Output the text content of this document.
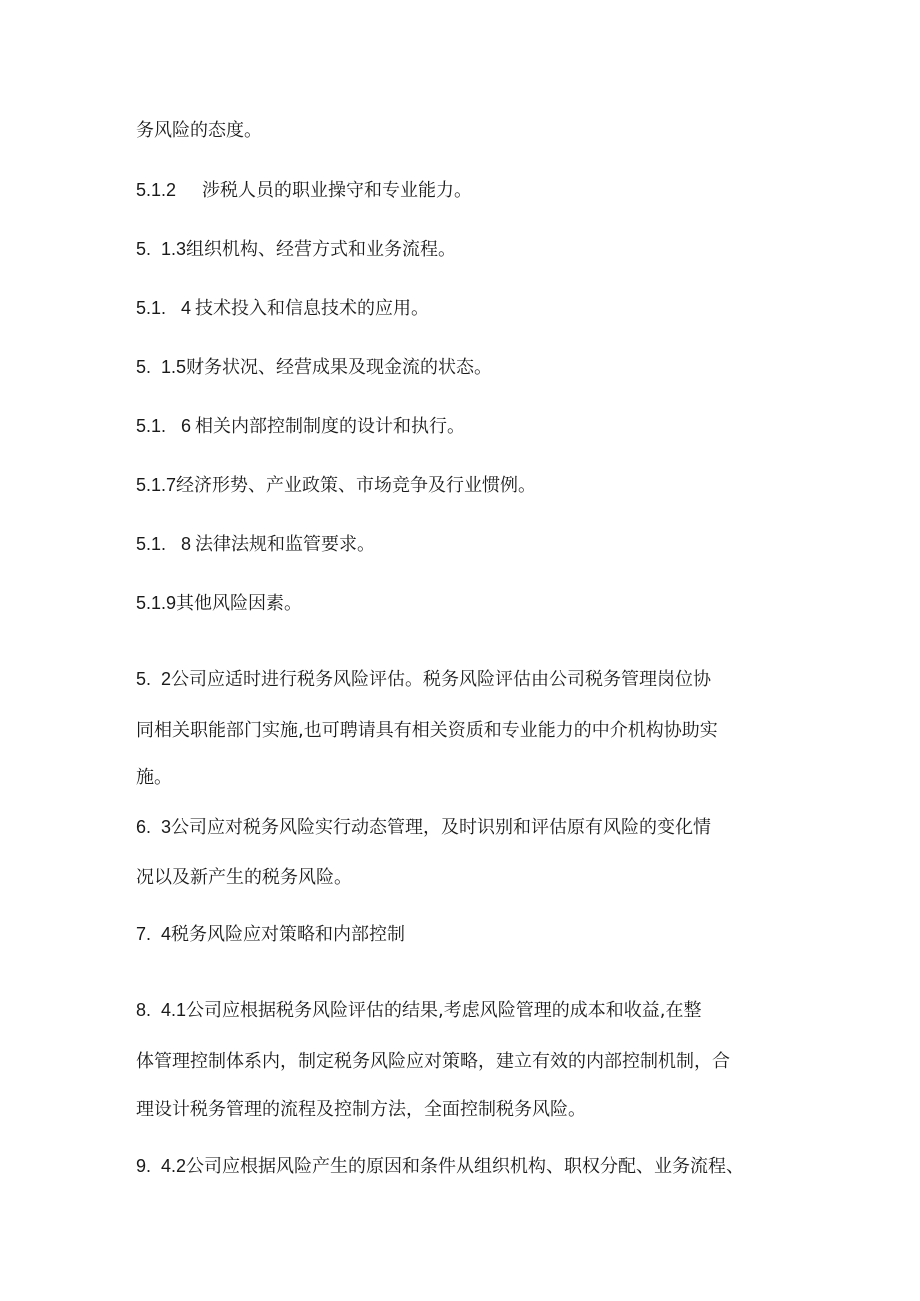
务风险的态度。
5.1.2 涉税人员的职业操守和专业能力。
5.  1.3组织机构、经营方式和业务流程。
5.1.   4 技术投入和信息技术的应用。
5.  1.5财务状况、经营成果及现金流的状态。
5.1.   6 相关内部控制制度的设计和执行。
5.1.7经济形势、产业政策、市场竞争及行业惯例。
5.1.   8 法律法规和监管要求。
5.1.9其他风险因素。
5.  2公司应适时进行税务风险评估。税务风险评估由公司税务管理岗位协
同相关职能部门实施,也可聘请具有相关资质和专业能力的中介机构协助实
施。
6.  3公司应对税务风险实行动态管理，及时识别和评估原有风险的变化情
况以及新产生的税务风险。
7.  4税务风险应对策略和内部控制
8.  4.1公司应根据税务风险评估的结果,考虑风险管理的成本和收益,在整
体管理控制体系内，制定税务风险应对策略，建立有效的内部控制机制，合
理设计税务管理的流程及控制方法，全面控制税务风险。
9.  4.2公司应根据风险产生的原因和条件从组织机构、职权分配、业务流程、
